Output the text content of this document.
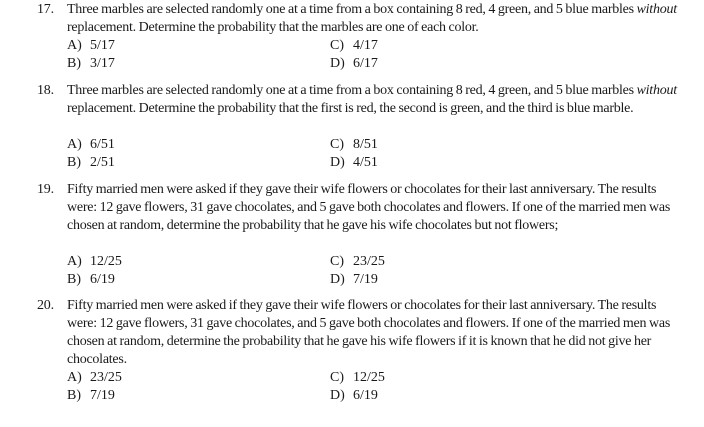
17. Three marbles are selected randomly one at a time from a box containing 8 red, 4 green, and 5 blue marbles without replacement. Determine the probability that the marbles are one of each color.
A) 5/17
B) 3/17
C) 4/17
D) 6/17
18. Three marbles are selected randomly one at a time from a box containing 8 red, 4 green, and 5 blue marbles without replacement. Determine the probability that the first is red, the second is green, and the third is blue marble.
A) 6/51
B) 2/51
C) 8/51
D) 4/51
19. Fifty married men were asked if they gave their wife flowers or chocolates for their last anniversary. The results were: 12 gave flowers, 31 gave chocolates, and 5 gave both chocolates and flowers. If one of the married men was chosen at random, determine the probability that he gave his wife chocolates but not flowers;
A) 12/25
B) 6/19
C) 23/25
D) 7/19
20. Fifty married men were asked if they gave their wife flowers or chocolates for their last anniversary. The results were: 12 gave flowers, 31 gave chocolates, and 5 gave both chocolates and flowers. If one of the married men was chosen at random, determine the probability that he gave his wife flowers if it is known that he did not give her chocolates.
A) 23/25
B) 7/19
C) 12/25
D) 6/19
